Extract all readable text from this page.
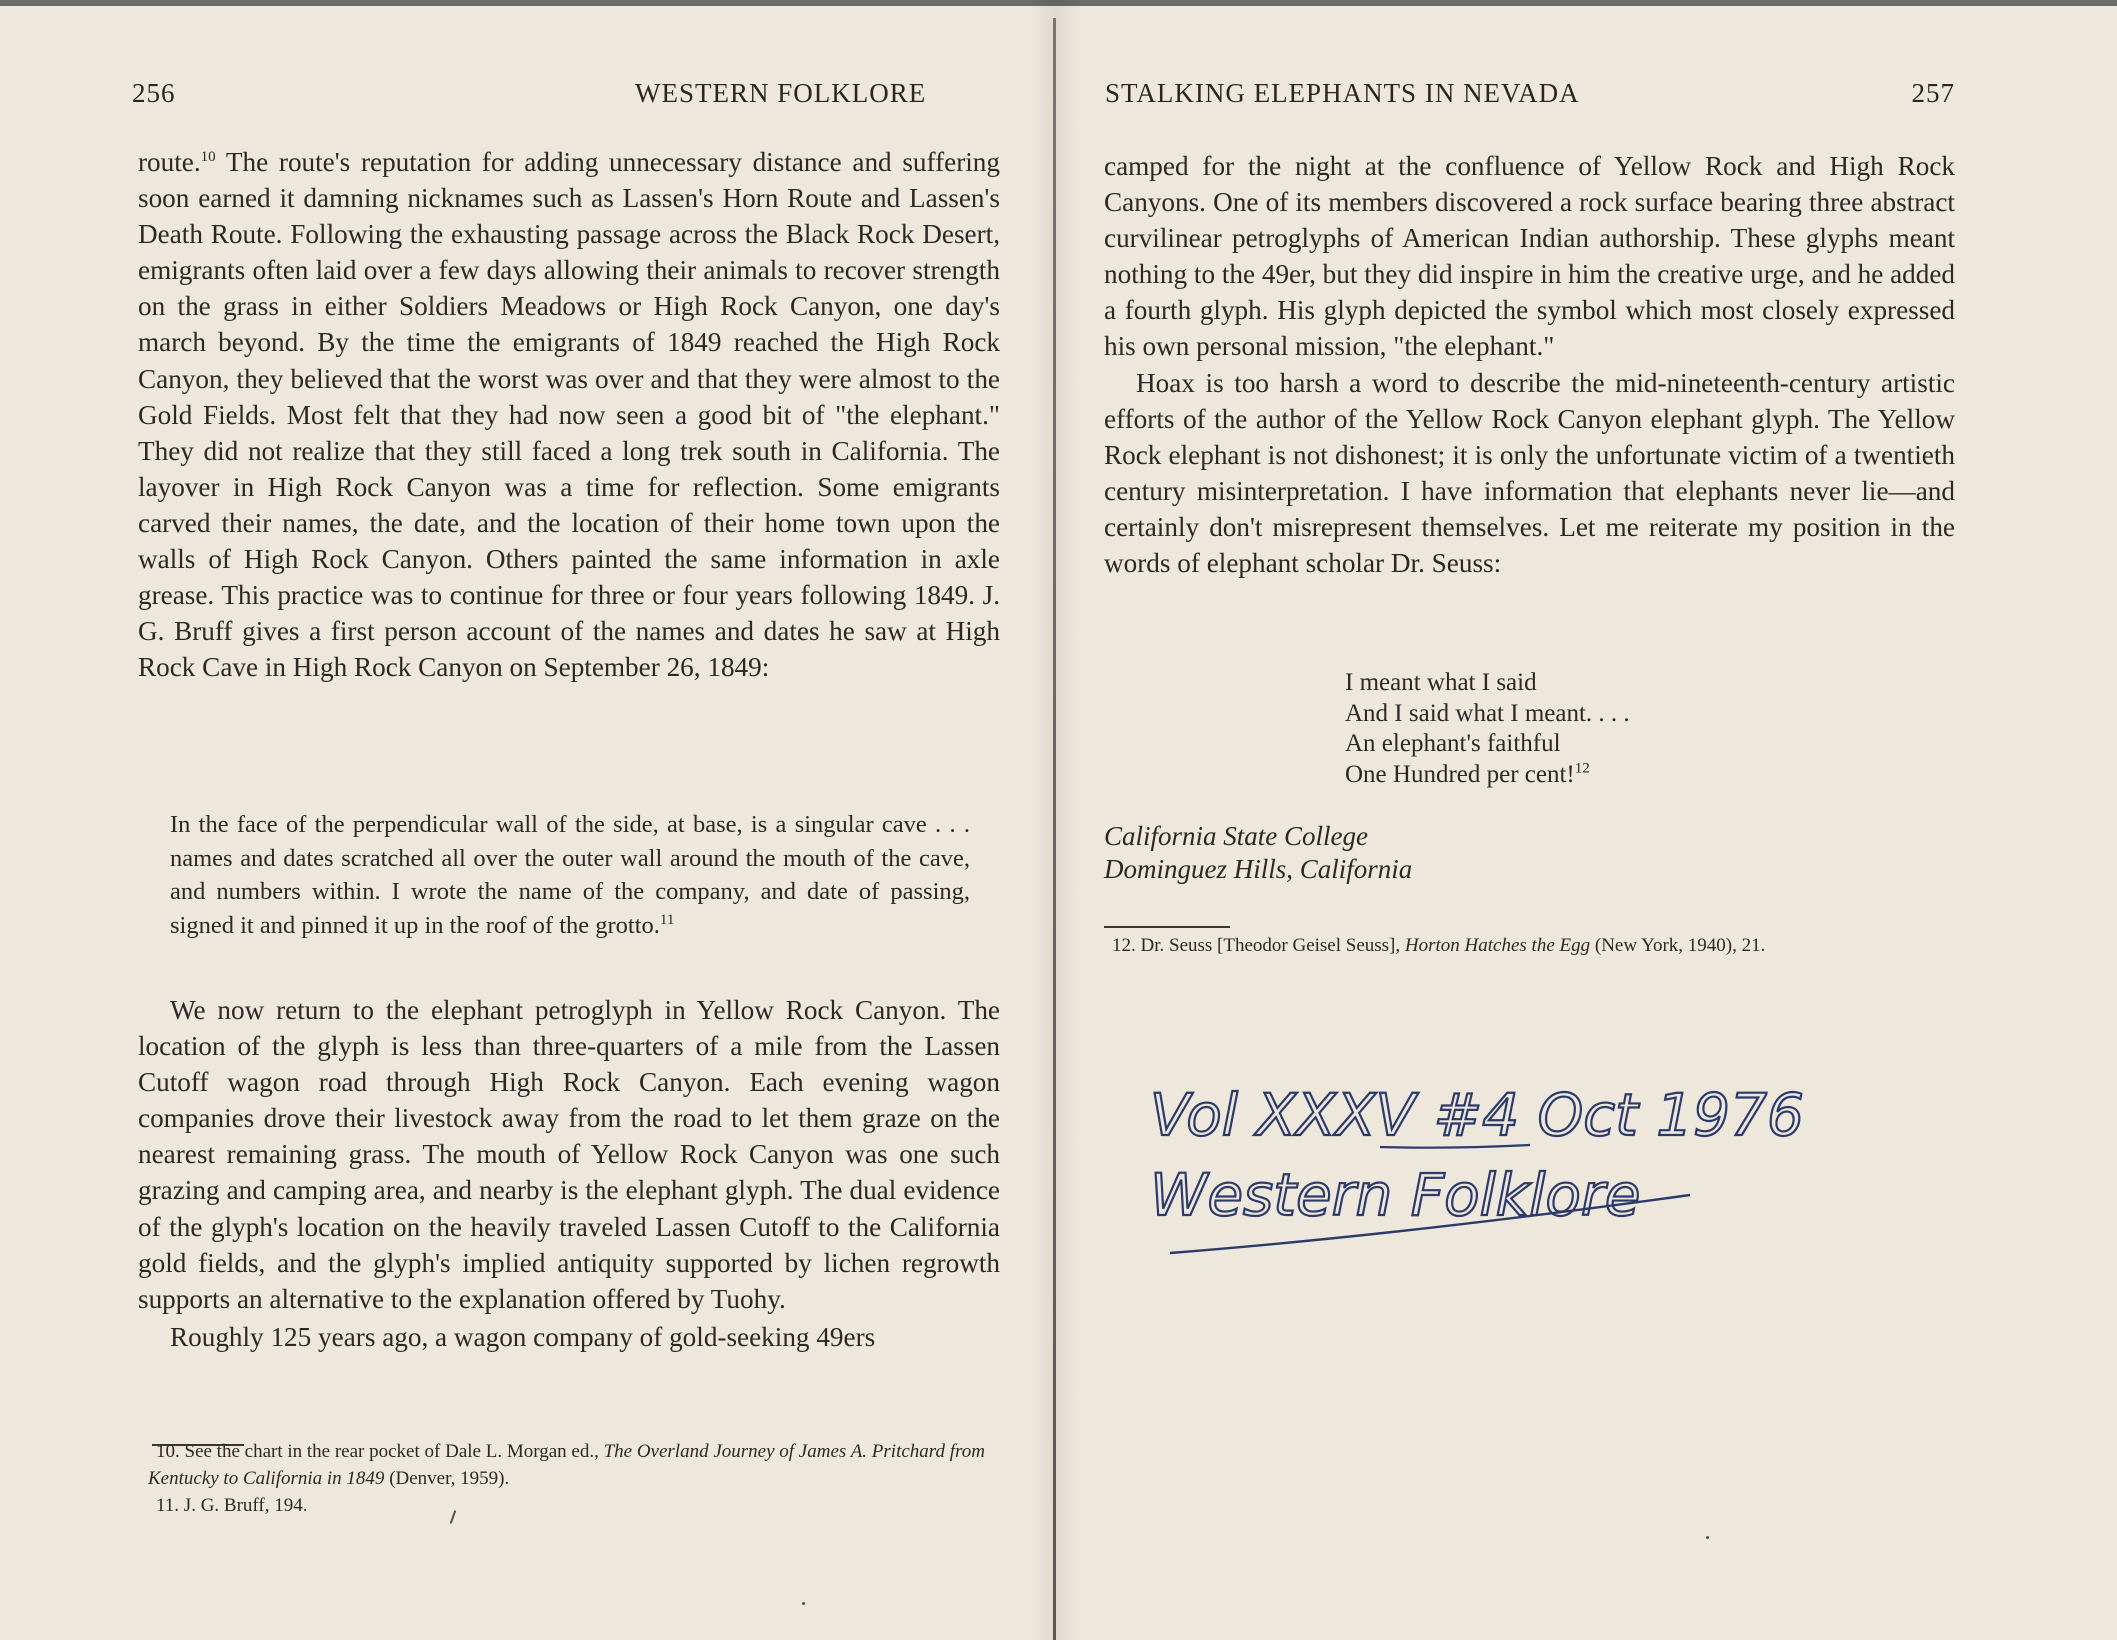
256	WESTERN FOLKLORE

route.$^{10}$ The route's reputation for adding unnecessary distance and suffering soon earned it damning nicknames such as Lassen's Horn Route and Lassen's Death Route. Following the exhausting passage across the Black Rock Desert, emigrants often laid over a few days allowing their animals to recover strength on the grass in either Soldiers Meadows or High Rock Canyon, one day's march beyond. By the time the emigrants of 1849 reached the High Rock Canyon, they believed that the worst was over and that they were almost to the Gold Fields. Most felt that they had now seen a good bit of "the elephant." They did not realize that they still faced a long trek south in California. The layover in High Rock Canyon was a time for reflection. Some emigrants carved their names, the date, and the location of their home town upon the walls of High Rock Canyon. Others painted the same information in axle grease. This practice was to continue for three or four years following 1849. J. G. Bruff gives a first person account of the names and dates he saw at High Rock Cave in High Rock Canyon on September 26, 1849:

In the face of the perpendicular wall of the side, at base, is a singular cave . . . names and dates scratched all over the outer wall around the mouth of the cave, and numbers within. I wrote the name of the company, and date of passing, signed it and pinned it up in the roof of the grotto.$^{11}$

We now return to the elephant petroglyph in Yellow Rock Canyon. The location of the glyph is less than three-quarters of a mile from the Lassen Cutoff wagon road through High Rock Canyon. Each evening wagon companies drove their livestock away from the road to let them graze on the nearest remaining grass. The mouth of Yellow Rock Canyon was one such grazing and camping area, and nearby is the elephant glyph. The dual evidence of the glyph's location on the heavily traveled Lassen Cutoff to the California gold fields, and the glyph's implied antiquity supported by lichen regrowth supports an alternative to the explanation offered by Tuohy.

Roughly 125 years ago, a wagon company of gold-seeking 49ers

10. See the chart in the rear pocket of Dale L. Morgan ed., The Overland Journey of James A. Pritchard from Kentucky to California in 1849 (Denver, 1959).

11. J. G. Bruff, 194.

STALKING ELEPHANTS IN NEVADA	257

camped for the night at the confluence of Yellow Rock and High Rock Canyons. One of its members discovered a rock surface bearing three abstract curvilinear petroglyphs of American Indian authorship. These glyphs meant nothing to the 49er, but they did inspire in him the creative urge, and he added a fourth glyph. His glyph depicted the symbol which most closely expressed his own personal mission, "the elephant."

Hoax is too harsh a word to describe the mid-nineteenth-century artistic efforts of the author of the Yellow Rock Canyon elephant glyph. The Yellow Rock elephant is not dishonest; it is only the unfortunate victim of a twentieth century misinterpretation. I have information that elephants never lie—and certainly don't misrepresent themselves. Let me reiterate my position in the words of elephant scholar Dr. Seuss:

I meant what I said
And I said what I meant. . . .
An elephant's faithful
One Hundred per cent!$^{12}$
California State College
Dominguez Hills, California

12. Dr. Seuss [Theodor Geisel Seuss], Horton Hatches the Egg (New York, 1940), 21.

Vol XXXV #4 Oct 1976
Western Folklore
